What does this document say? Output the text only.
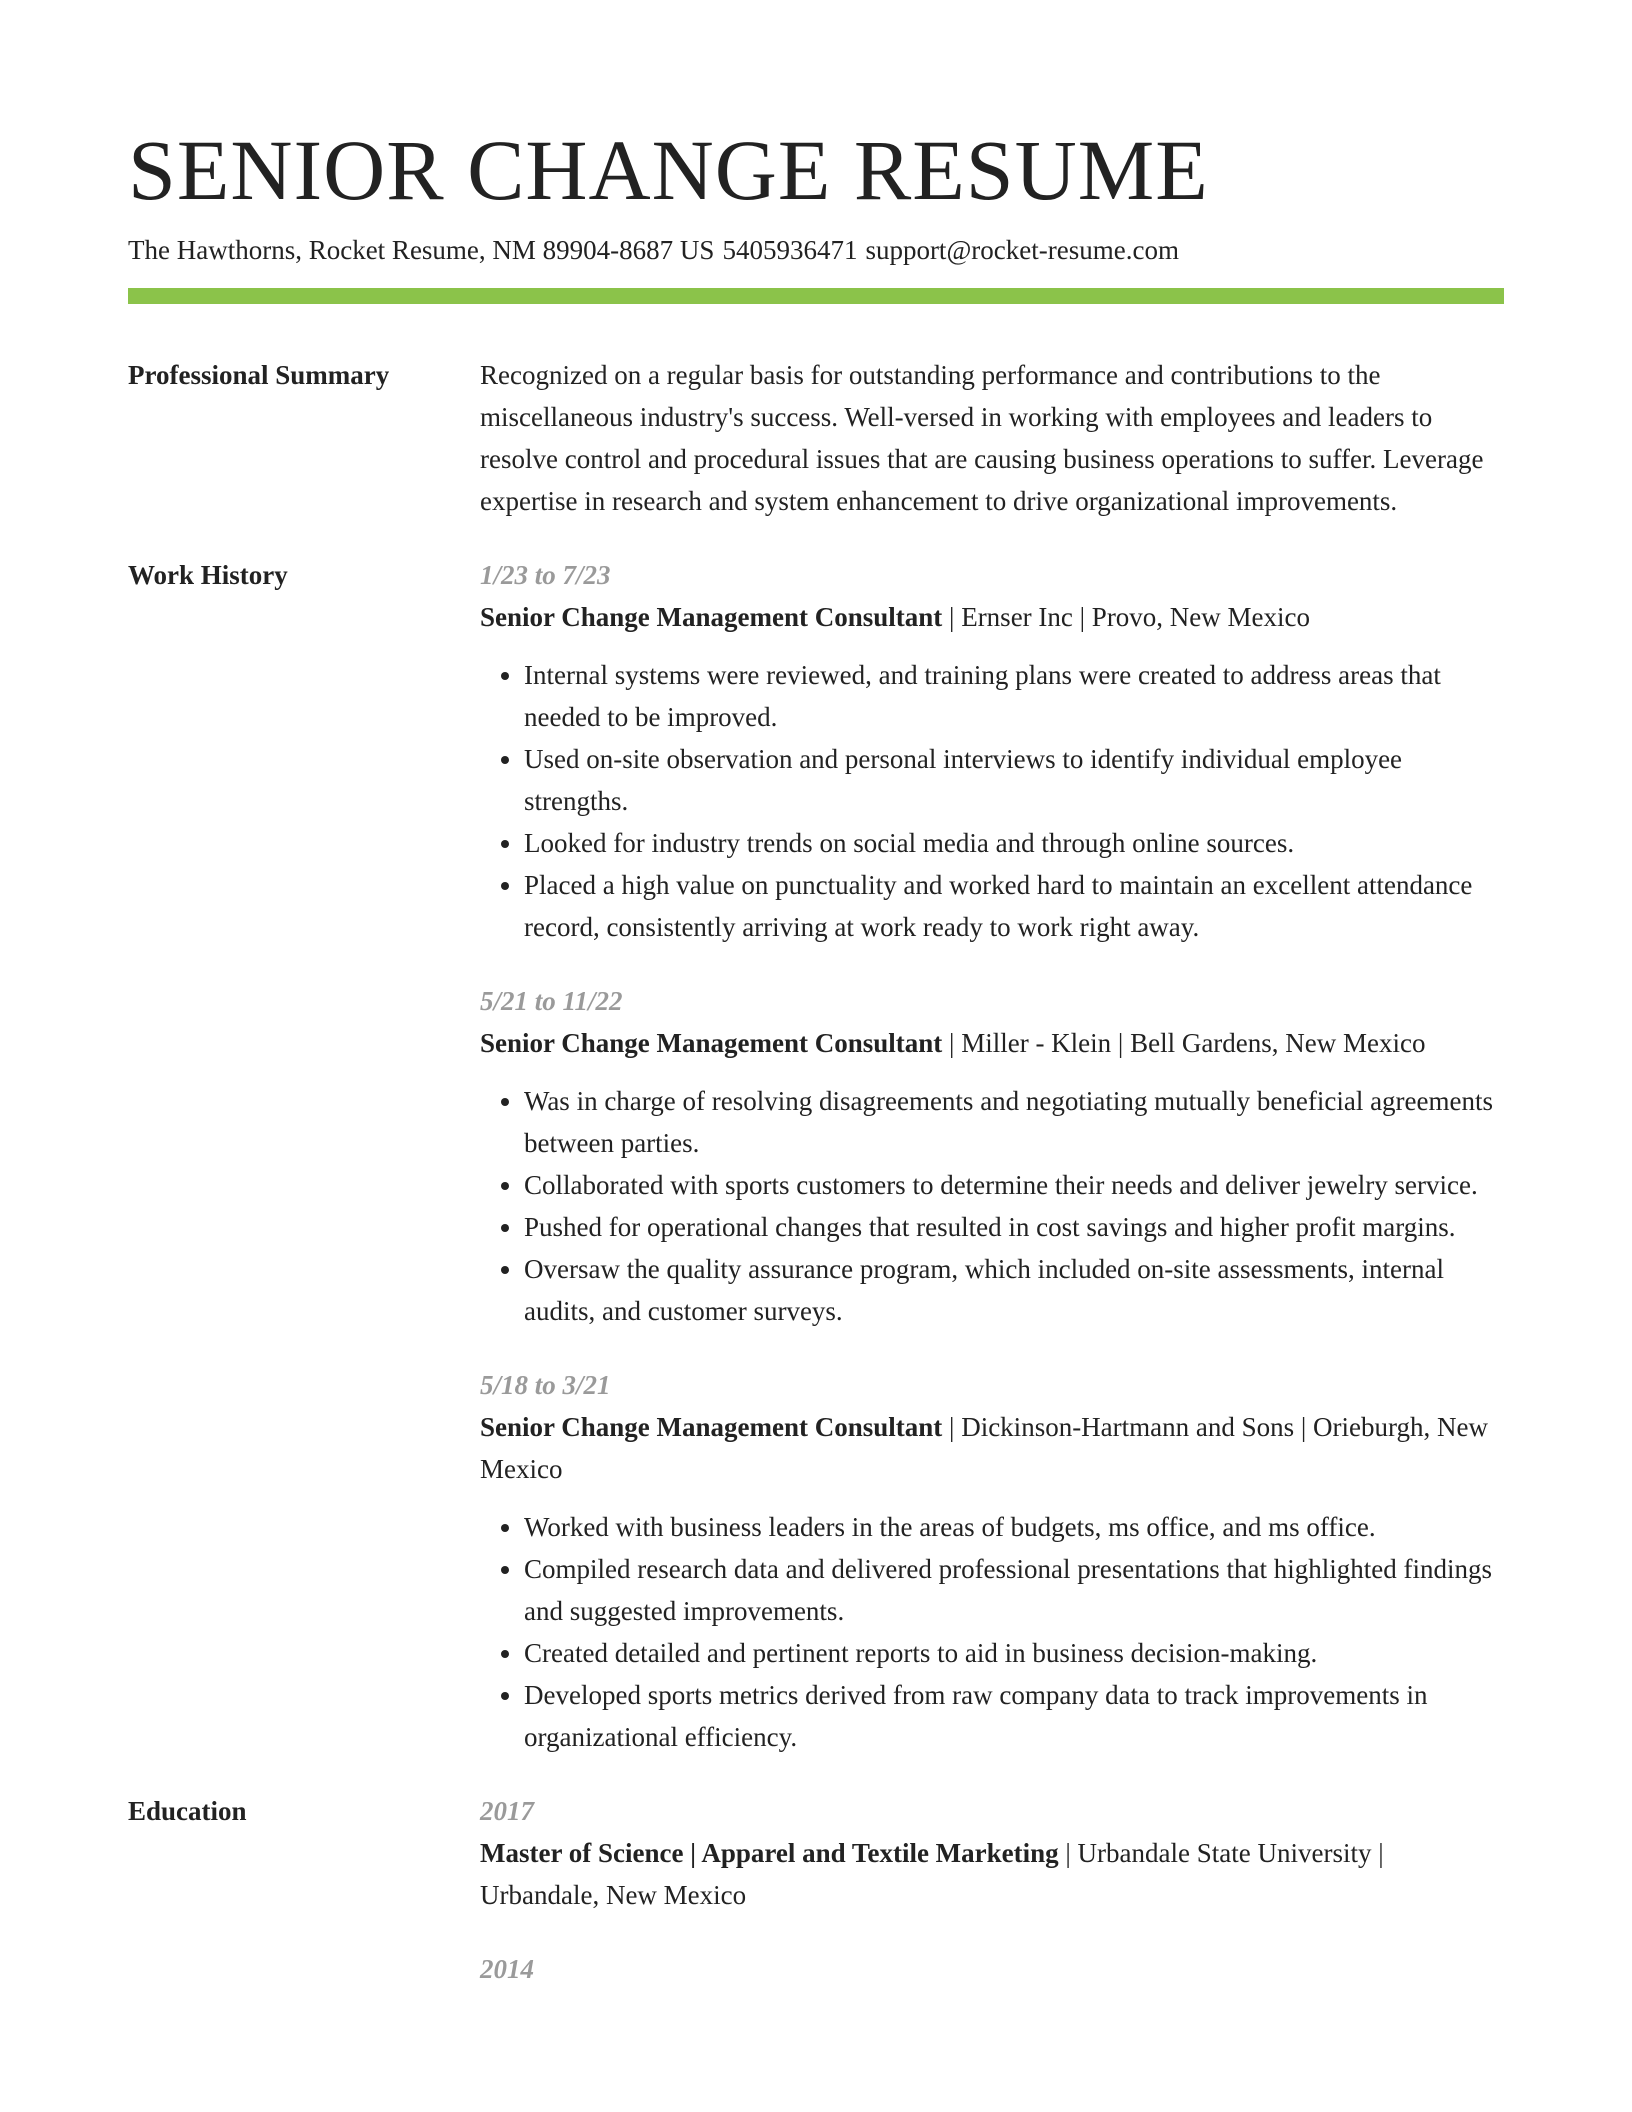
SENIOR CHANGE RESUME
The Hawthorns, Rocket Resume, NM 89904-8687 US 5405936471 support@rocket-resume.com
Professional Summary	Recognized on a regular basis for outstanding performance and contributions to the miscellaneous industry's success. Well-versed in working with employees and leaders to resolve control and procedural issues that are causing business operations to suffer. Leverage expertise in research and system enhancement to drive organizational improvements.
Work History	1/23 to 7/23
Senior Change Management Consultant | Ernser Inc | Provo, New Mexico
• Internal systems were reviewed, and training plans were created to address areas that needed to be improved.
• Used on-site observation and personal interviews to identify individual employee strengths.
• Looked for industry trends on social media and through online sources.
• Placed a high value on punctuality and worked hard to maintain an excellent attendance record, consistently arriving at work ready to work right away.
5/21 to 11/22
Senior Change Management Consultant | Miller - Klein | Bell Gardens, New Mexico
• Was in charge of resolving disagreements and negotiating mutually beneficial agreements between parties.
• Collaborated with sports customers to determine their needs and deliver jewelry service.
• Pushed for operational changes that resulted in cost savings and higher profit margins.
• Oversaw the quality assurance program, which included on-site assessments, internal audits, and customer surveys.
5/18 to 3/21
Senior Change Management Consultant | Dickinson-Hartmann and Sons | Orieburgh, New Mexico
• Worked with business leaders in the areas of budgets, ms office, and ms office.
• Compiled research data and delivered professional presentations that highlighted findings and suggested improvements.
• Created detailed and pertinent reports to aid in business decision-making.
• Developed sports metrics derived from raw company data to track improvements in organizational efficiency.
Education	2017
Master of Science | Apparel and Textile Marketing | Urbandale State University | Urbandale, New Mexico
2014
